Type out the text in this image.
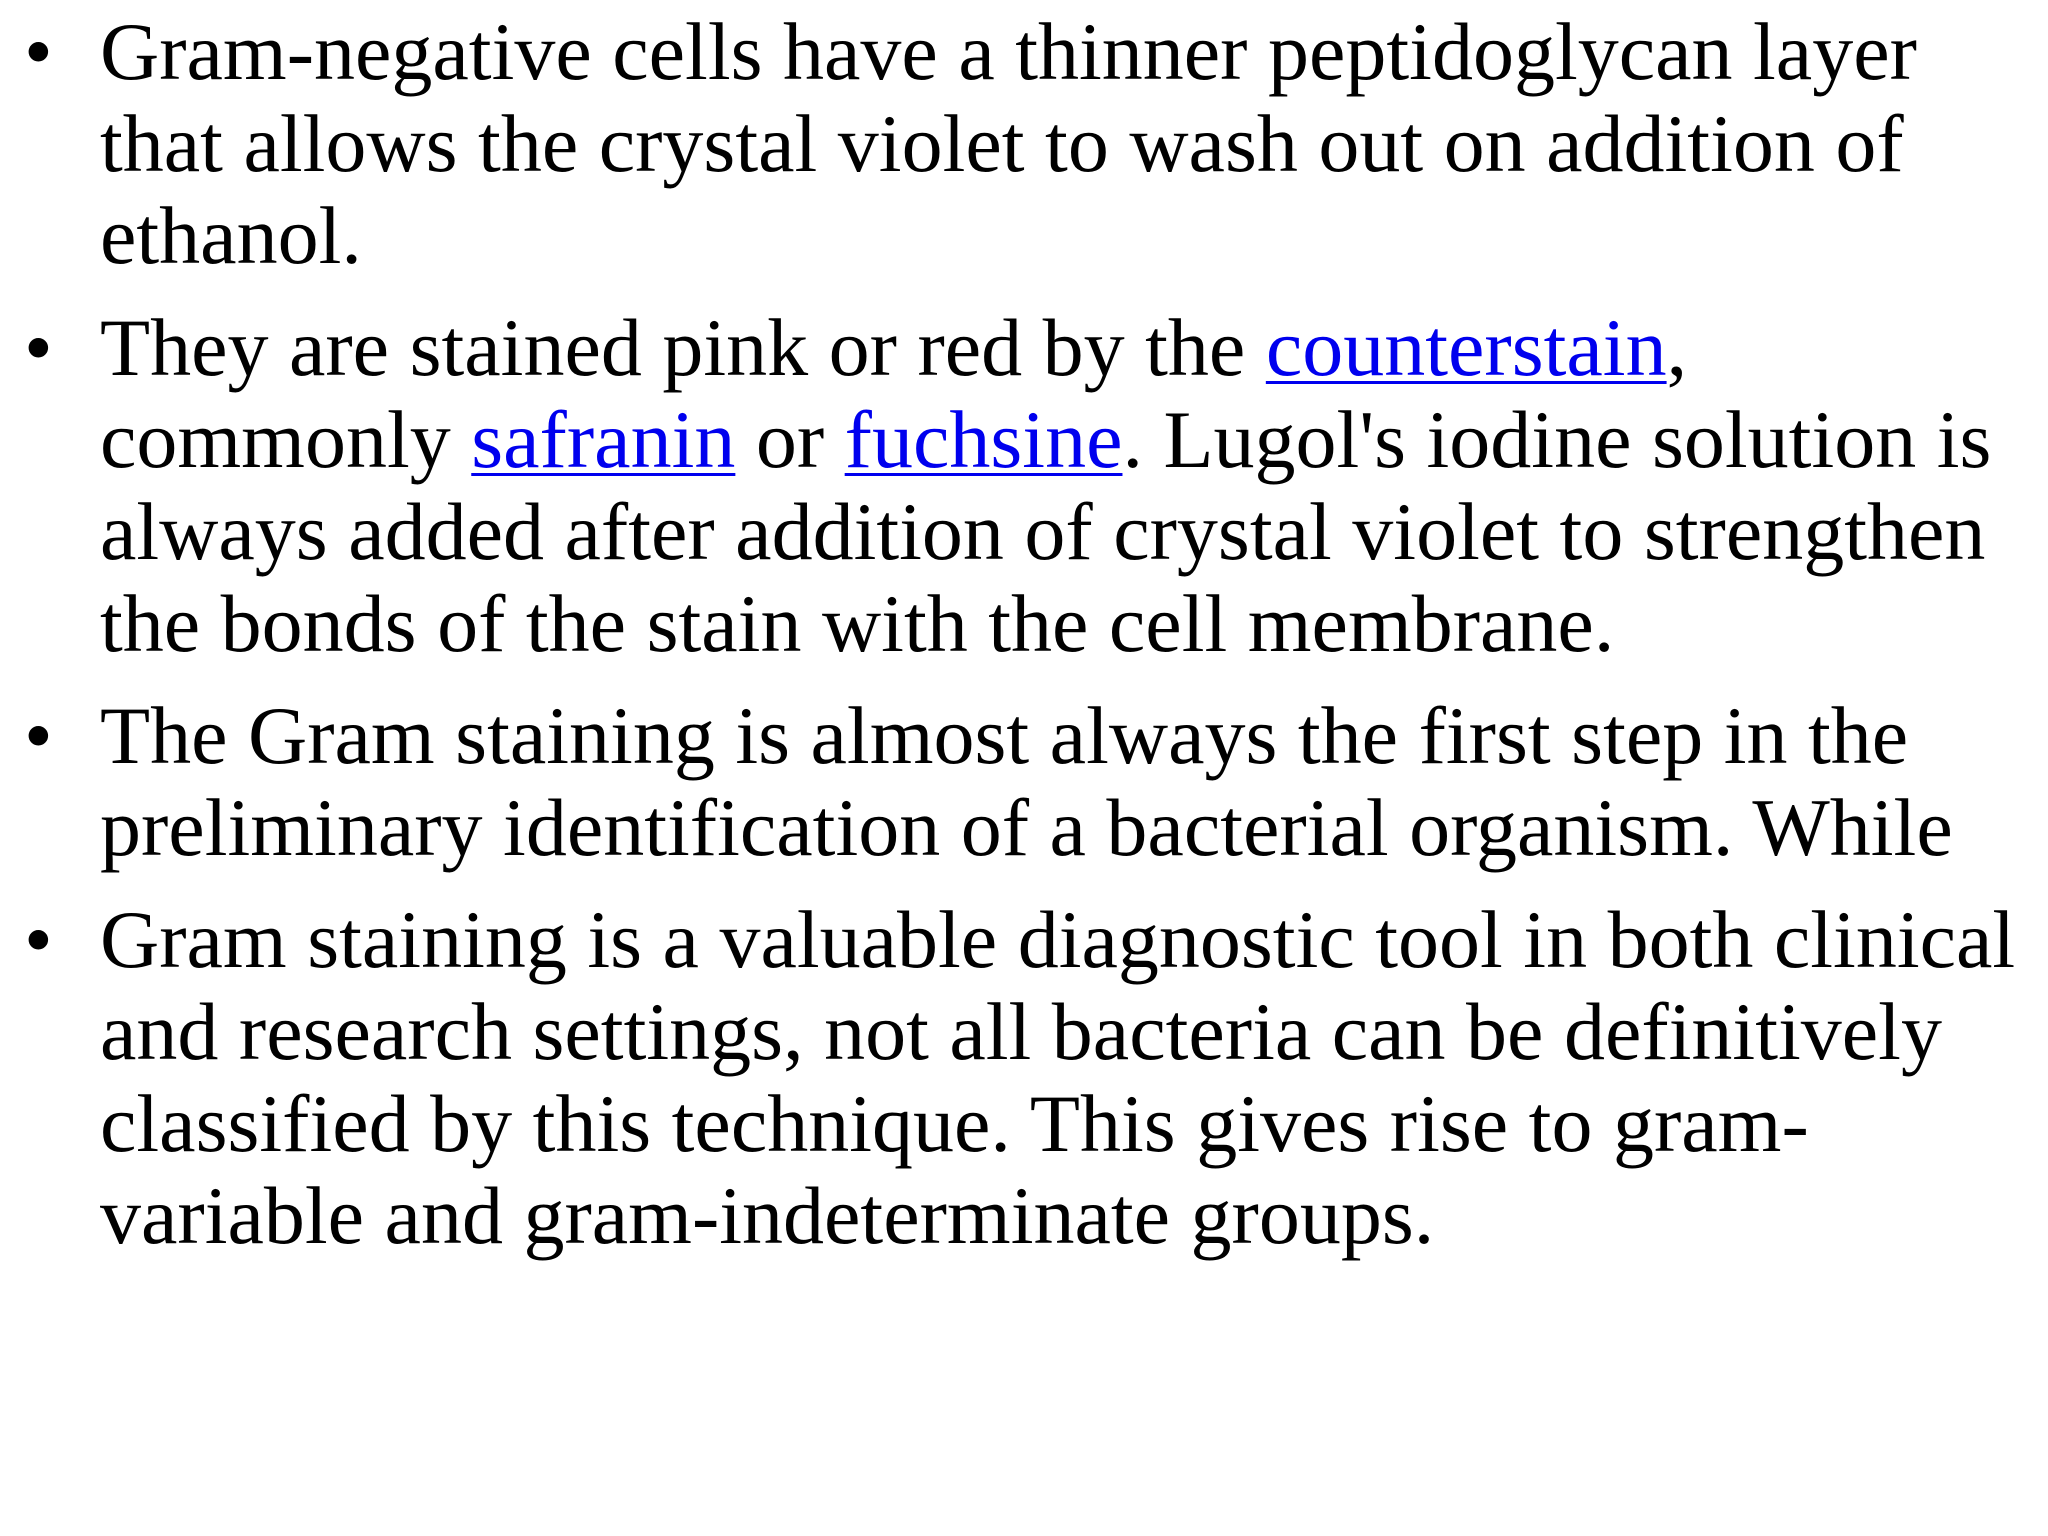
• Gram-negative cells have a thinner peptidoglycan layer that allows the crystal violet to wash out on addition of ethanol.
• They are stained pink or red by the counterstain, commonly safranin or fuchsine. Lugol's iodine solution is always added after addition of crystal violet to strengthen the bonds of the stain with the cell membrane.
• The Gram staining is almost always the first step in the preliminary identification of a bacterial organism. While
• Gram staining is a valuable diagnostic tool in both clinical and research settings, not all bacteria can be definitively classified by this technique. This gives rise to gram-variable and gram-indeterminate groups.
